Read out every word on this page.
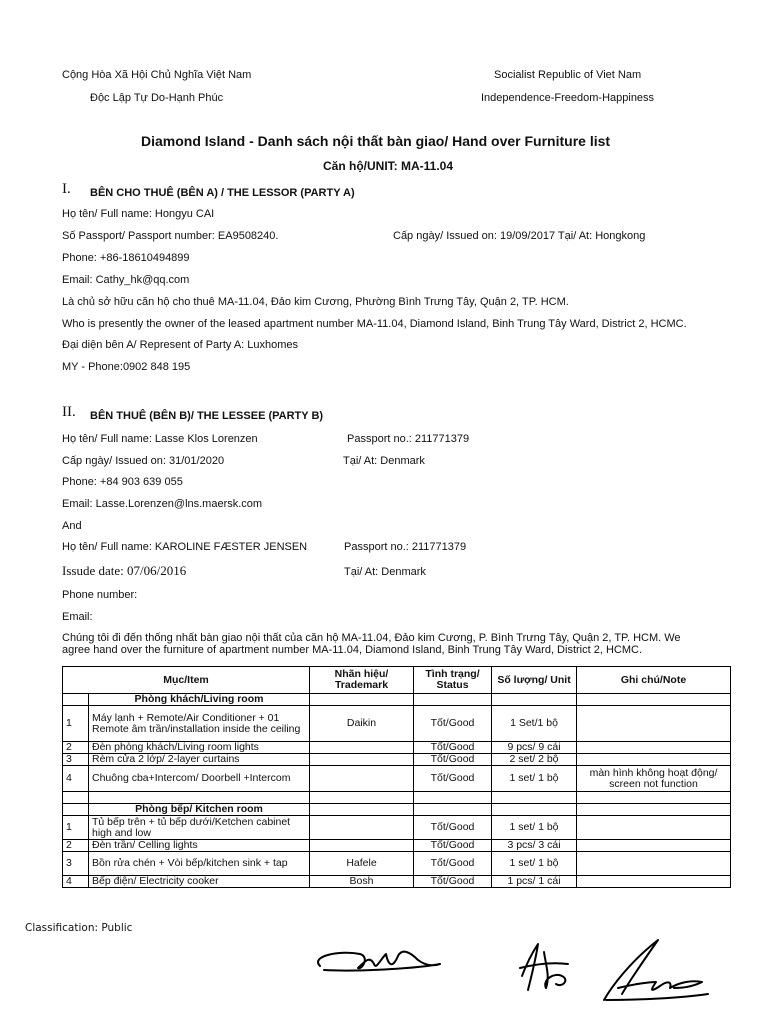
Cộng Hòa Xã Hội Chủ Nghĩa Việt Nam
Độc Lập Tự Do-Hạnh Phúc
Socialist Republic of Viet Nam
Independence-Freedom-Happiness
Diamond Island - Danh sách nội thất bàn giao/ Hand over Furniture list
Căn hộ/UNIT: MA-11.04
I. BÊN CHO THUÊ (BÊN A) / THE LESSOR (PARTY A)
Họ tên/ Full name: Hongyu CAI
Số Passport/ Passport number: EA9508240.	Cấp ngày/ Issued on: 19/09/2017 Tại/ At: Hongkong
Phone: +86-18610494899
Email: Cathy_hk@qq.com
Là chủ sở hữu căn hộ cho thuê MA-11.04, Đảo kim Cương, Phường Bình Trưng Tây, Quận 2, TP. HCM.
Who is presently the owner of the leased apartment number MA-11.04, Diamond Island, Binh Trung Tây Ward, District 2, HCMC.
Đại diện bên A/ Represent of Party A: Luxhomes
MY - Phone:0902 848 195
II. BÊN THUÊ (BÊN B)/ THE LESSEE (PARTY B)
Họ tên/ Full name: Lasse Klos Lorenzen	Passport no.: 211771379
Cấp ngày/ Issued on: 31/01/2020	Tại/ At: Denmark
Phone: +84 903 639 055
Email: Lasse.Lorenzen@lns.maersk.com
And
Họ tên/ Full name: KAROLINE FÆSTER JENSEN	Passport no.: 211771379
Issude date: 07/06/2016	Tại/ At: Denmark
Phone number:
Email:
Chúng tôi đi đến thống nhất bàn giao nội thất của căn hộ MA-11.04, Đảo kim Cương, P. Bình Trưng Tây, Quận 2, TP. HCM. We
agree hand over the furniture of apartment number MA-11.04, Diamond Island, Binh Trung Tây Ward, District 2, HCMC.
Mục/Item		Nhãn hiệu/ Trademark	Tình trạng/ Status	Số lượng/ Unit	Ghi chú/Note
	Phòng khách/Living room				
1	Máy lạnh + Remote/Air Conditioner + 01 Remote âm trần/installation inside the ceiling	Daikin	Tốt/Good	1 Set/1 bộ	
2	Đèn phòng khách/Living room lights		Tốt/Good	9 pcs/ 9 cái	
3	Rèm cửa 2 lớp/ 2-layer curtains		Tốt/Good	2 set/ 2 bộ	
4	Chuông cba+Intercom/ Doorbell +Intercom		Tốt/Good	1 set/ 1 bộ	màn hình không hoạt động/ screen not function

	Phòng bếp/ Kitchen room				
1	Tủ bếp trên + tủ bếp dưới/Ketchen cabinet high and low		Tốt/Good	1 set/ 1 bộ	
2	Đèn trần/ Celling lights		Tốt/Good	3 pcs/ 3 cái	
3	Bồn rửa chén + Vòi bếp/kitchen sink + tap	Hafele	Tốt/Good	1 set/ 1 bộ	
4	Bếp điện/ Electricity cooker	Bosh	Tốt/Good	1 pcs/ 1 cái	
Classification: Public
